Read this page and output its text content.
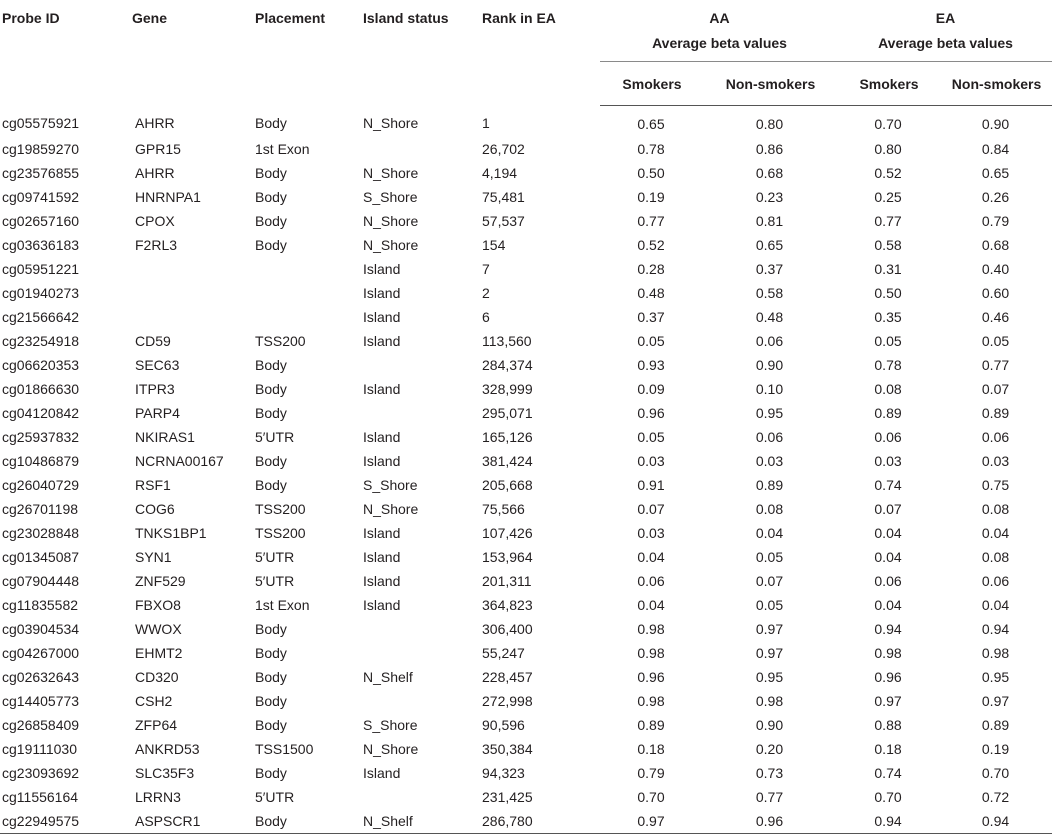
Probe ID	Gene	Placement	Island status	Rank in EA	AA		EA	
					Average beta values		Average beta values	
					Smokers	Non-smokers	Smokers	Non-smokers
cg05575921	AHRR	Body	N_Shore	1	0.65	0.80	0.70	0.90
cg19859270	GPR15	1st Exon		26,702	0.78	0.86	0.80	0.84
cg23576855	AHRR	Body	N_Shore	4,194	0.50	0.68	0.52	0.65
cg09741592	HNRNPA1	Body	S_Shore	75,481	0.19	0.23	0.25	0.26
cg02657160	CPOX	Body	N_Shore	57,537	0.77	0.81	0.77	0.79
cg03636183	F2RL3	Body	N_Shore	154	0.52	0.65	0.58	0.68
cg05951221			Island	7	0.28	0.37	0.31	0.40
cg01940273			Island	2	0.48	0.58	0.50	0.60
cg21566642			Island	6	0.37	0.48	0.35	0.46
cg23254918	CD59	TSS200	Island	113,560	0.05	0.06	0.05	0.05
cg06620353	SEC63	Body		284,374	0.93	0.90	0.78	0.77
cg01866630	ITPR3	Body	Island	328,999	0.09	0.10	0.08	0.07
cg04120842	PARP4	Body		295,071	0.96	0.95	0.89	0.89
cg25937832	NKIRAS1	5′UTR	Island	165,126	0.05	0.06	0.06	0.06
cg10486879	NCRNA00167	Body	Island	381,424	0.03	0.03	0.03	0.03
cg26040729	RSF1	Body	S_Shore	205,668	0.91	0.89	0.74	0.75
cg26701198	COG6	TSS200	N_Shore	75,566	0.07	0.08	0.07	0.08
cg23028848	TNKS1BP1	TSS200	Island	107,426	0.03	0.04	0.04	0.04
cg01345087	SYN1	5′UTR	Island	153,964	0.04	0.05	0.04	0.08
cg07904448	ZNF529	5′UTR	Island	201,311	0.06	0.07	0.06	0.06
cg11835582	FBXO8	1st Exon	Island	364,823	0.04	0.05	0.04	0.04
cg03904534	WWOX	Body		306,400	0.98	0.97	0.94	0.94
cg04267000	EHMT2	Body		55,247	0.98	0.97	0.98	0.98
cg02632643	CD320	Body	N_Shelf	228,457	0.96	0.95	0.96	0.95
cg14405773	CSH2	Body		272,998	0.98	0.98	0.97	0.97
cg26858409	ZFP64	Body	S_Shore	90,596	0.89	0.90	0.88	0.89
cg19111030	ANKRD53	TSS1500	N_Shore	350,384	0.18	0.20	0.18	0.19
cg23093692	SLC35F3	Body	Island	94,323	0.79	0.73	0.74	0.70
cg11556164	LRRN3	5′UTR		231,425	0.70	0.77	0.70	0.72
cg22949575	ASPSCR1	Body	N_Shelf	286,780	0.97	0.96	0.94	0.94
